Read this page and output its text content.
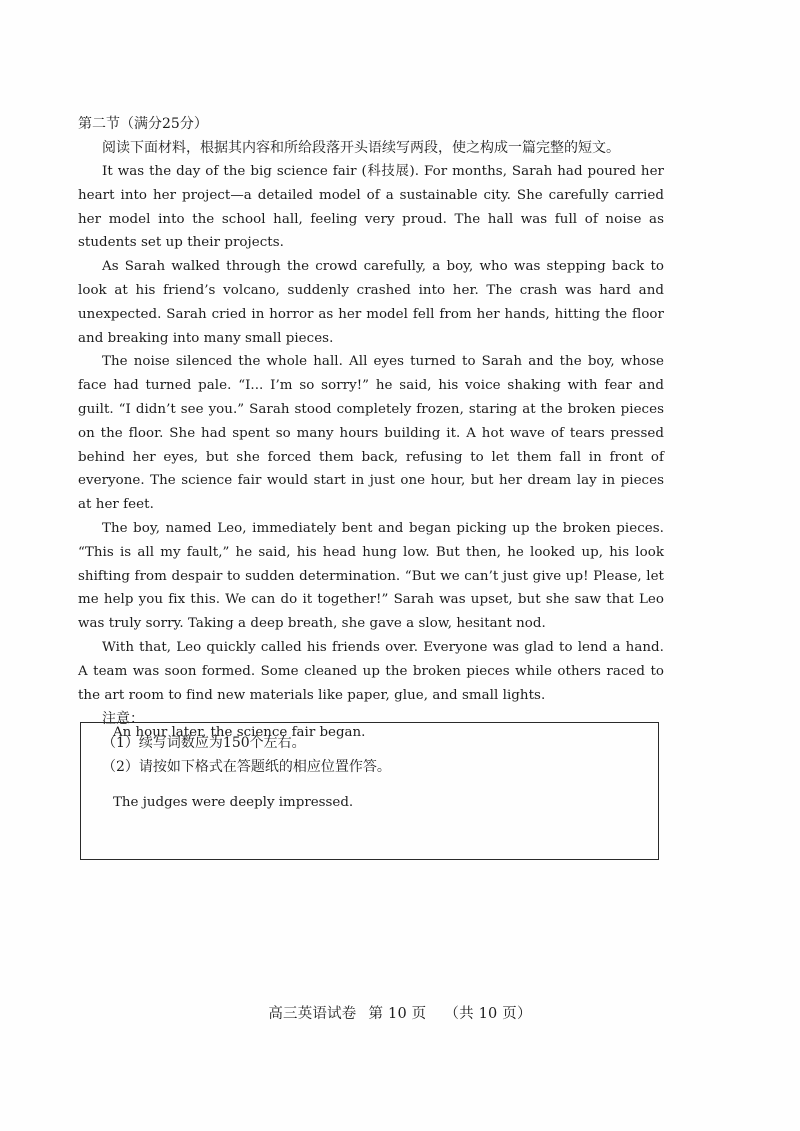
第二节（满分25分）

阅读下面材料，根据其内容和所给段落开头语续写两段，使之构成一篇完整的短文。

It was the day of the big science fair (科技展). For months, Sarah had poured her heart into her project—a detailed model of a sustainable city. She carefully carried her model into the school hall, feeling very proud. The hall was full of noise as students set up their projects.

As Sarah walked through the crowd carefully, a boy, who was stepping back to look at his friend’s volcano, suddenly crashed into her. The crash was hard and unexpected. Sarah cried in horror as her model fell from her hands, hitting the floor and breaking into many small pieces.

The noise silenced the whole hall. All eyes turned to Sarah and the boy, whose face had turned pale. “I... I’m so sorry!” he said, his voice shaking with fear and guilt. “I didn’t see you.” Sarah stood completely frozen, staring at the broken pieces on the floor. She had spent so many hours building it. A hot wave of tears pressed behind her eyes, but she forced them back, refusing to let them fall in front of everyone. The science fair would start in just one hour, but her dream lay in pieces at her feet.

The boy, named Leo, immediately bent and began picking up the broken pieces. “This is all my fault,” he said, his head hung low. But then, he looked up, his look shifting from despair to sudden determination. “But we can’t just give up! Please, let me help you fix this. We can do it together!” Sarah was upset, but she saw that Leo was truly sorry. Taking a deep breath, she gave a slow, hesitant nod.

With that, Leo quickly called his friends over. Everyone was glad to lend a hand. A team was soon formed. Some cleaned up the broken pieces while others raced to the art room to find new materials like paper, glue, and small lights.

注意：

（1）续写词数应为150个左右。

（2）请按如下格式在答题纸的相应位置作答。

An hour later, the science fair began.
The judges were deeply impressed.
高三英语试卷 第 10 页 （共 10 页）
